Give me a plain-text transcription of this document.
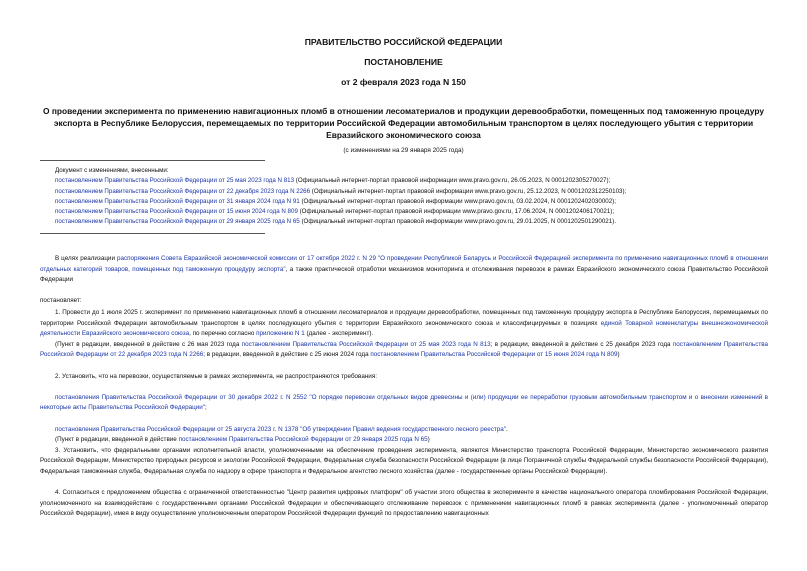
ПРАВИТЕЛЬСТВО РОССИЙСКОЙ ФЕДЕРАЦИИ
ПОСТАНОВЛЕНИЕ
от 2 февраля 2023 года N 150
О проведении эксперимента по применению навигационных пломб в отношении лесоматериалов и продукции деревообработки, помещенных под таможенную процедуру экспорта в Республике Белоруссия, перемещаемых по территории Российской Федерации автомобильным транспортом в целях последующего убытия с территории Евразийского экономического союза
(с изменениями на 29 января 2025 года)
Документ с изменениями, внесенными:
постановлением Правительства Российской Федерации от 25 мая 2023 года N 813 (Официальный интернет-портал правовой информации www.pravo.gov.ru, 26.05.2023, N 0001202305270027);
постановлением Правительства Российской Федерации от 22 декабря 2023 года N 2266 (Официальный интернет-портал правовой информации www.pravo.gov.ru, 25.12.2023, N 0001202312250103);
постановлением Правительства Российской Федерации от 31 января 2024 года N 91 (Официальный интернет-портал правовой информации www.pravo.gov.ru, 03.02.2024, N 0001202402030002);
постановлением Правительства Российской Федерации от 15 июня 2024 года N 809 (Официальный интернет-портал правовой информации www.pravo.gov.ru, 17.06.2024, N 0001202406170021);
постановлением Правительства Российской Федерации от 29 января 2025 года N 65 (Официальный интернет-портал правовой информации www.pravo.gov.ru, 29.01.2025, N 0001202501290021).

В целях реализации распоряжения Совета Евразийской экономической комиссии от 17 октября 2022 г. N 29 "О проведении Республикой Беларусь и Российской Федерацией эксперимента по применению навигационных пломб в отношении отдельных категорий товаров, помещенных под таможенную процедуру экспорта", а также практической отработки механизмов мониторинга и отслеживания перевозок в рамках Евразийского экономического союза Правительство Российской Федерации

постановляет:

1. Провести до 1 июля 2025 г. эксперимент по применению навигационных пломб в отношении лесоматериалов и продукции деревообработки, помещенных под таможенную процедуру экспорта в Республике Белоруссия, перемещаемых по территории Российской Федерации автомобильным транспортом в целях последующего убытия с территории Евразийского экономического союза и классифицируемых в позициях единой Товарной номенклатуры внешнеэкономической деятельности Евразийского экономического союза, по перечню согласно приложению N 1 (далее - эксперимент).

(Пункт в редакции, введенной в действие с 26 мая 2023 года постановлением Правительства Российской Федерации от 25 мая 2023 года N 813; в редакции, введенной в действие с 25 декабря 2023 года постановлением Правительства Российской Федерации от 22 декабря 2023 года N 2266; в редакции, введенной в действие с 25 июня 2024 года постановлением Правительства Российской Федерации от 15 июня 2024 года N 809)

2. Установить, что на перевозки, осуществляемые в рамках эксперимента, не распространяются требования:

постановления Правительства Российской Федерации от 30 декабря 2022 г. N 2552 "О порядке перевозки отдельных видов древесины и (или) продукции ее переработки грузовым автомобильным транспортом и о внесении изменений в некоторые акты Правительства Российской Федерации";

постановления Правительства Российской Федерации от 25 августа 2023 г. N 1378 "Об утверждении Правил ведения государственного лесного реестра".

(Пункт в редакции, введенной в действие постановлением Правительства Российской Федерации от 29 января 2025 года N 65)

3. Установить, что федеральными органами исполнительной власти, уполномоченными на обеспечение проведения эксперимента, являются Министерство транспорта Российской Федерации, Министерство экономического развития Российской Федерации, Министерство природных ресурсов и экологии Российской Федерации, Федеральная служба безопасности Российской Федерации (в лице Пограничной службы Федеральной службы безопасности Российской Федерации), Федеральная таможенная служба, Федеральная служба по надзору в сфере транспорта и Федеральное агентство лесного хозяйства (далее - государственные органы Российской Федерации).

4. Согласиться с предложением общества с ограниченной ответственностью "Центр развития цифровых платформ" об участии этого общества в эксперименте в качестве национального оператора пломбирования Российской Федерации, уполномоченного на взаимодействие с государственными органами Российской Федерации и обеспечивающего отслеживание перевозок с применением навигационных пломб в рамках эксперимента (далее - уполномоченный оператор Российской Федерации), имея в виду осуществление уполномоченным оператором Российской Федерации функций по предоставлению навигационных
